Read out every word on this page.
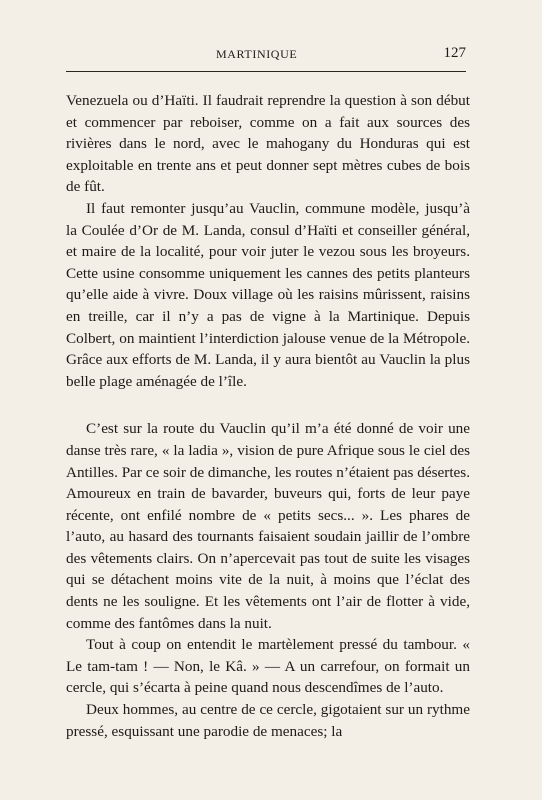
MARTINIQUE	127

Venezuela ou d’Haïti. Il faudrait reprendre la question à son début et commencer par reboiser, comme on a fait aux sources des rivières dans le nord, avec le mahogany du Honduras qui est exploitable en trente ans et peut donner sept mètres cubes de bois de fût.

Il faut remonter jusqu’au Vauclin, commune modèle, jusqu’à la Coulée d’Or de M. Landa, consul d’Haïti et conseiller général, et maire de la localité, pour voir juter le vezou sous les broyeurs. Cette usine consomme uniquement les cannes des petits planteurs qu’elle aide à vivre. Doux village où les raisins mûrissent, raisins en treille, car il n’y a pas de vigne à la Martinique. Depuis Colbert, on maintient l’interdiction jalouse venue de la Métropole. Grâce aux efforts de M. Landa, il y aura bientôt au Vauclin la plus belle plage aménagée de l’île.

C’est sur la route du Vauclin qu’il m’a été donné de voir une danse très rare, « la ladia », vision de pure Afrique sous le ciel des Antilles. Par ce soir de dimanche, les routes n’étaient pas désertes. Amoureux en train de bavarder, buveurs qui, forts de leur paye récente, ont enfilé nombre de « petits secs... ». Les phares de l’auto, au hasard des tournants faisaient soudain jaillir de l’ombre des vêtements clairs. On n’apercevait pas tout de suite les visages qui se détachent moins vite de la nuit, à moins que l’éclat des dents ne les souligne. Et les vêtements ont l’air de flotter à vide, comme des fantômes dans la nuit.

Tout à coup on entendit le martèlement pressé du tambour. « Le tam-tam ! — Non, le Kâ. » — A un carrefour, on formait un cercle, qui s’écarta à peine quand nous descendîmes de l’auto.

Deux hommes, au centre de ce cercle, gigotaient sur un rythme pressé, esquissant une parodie de menaces; la
